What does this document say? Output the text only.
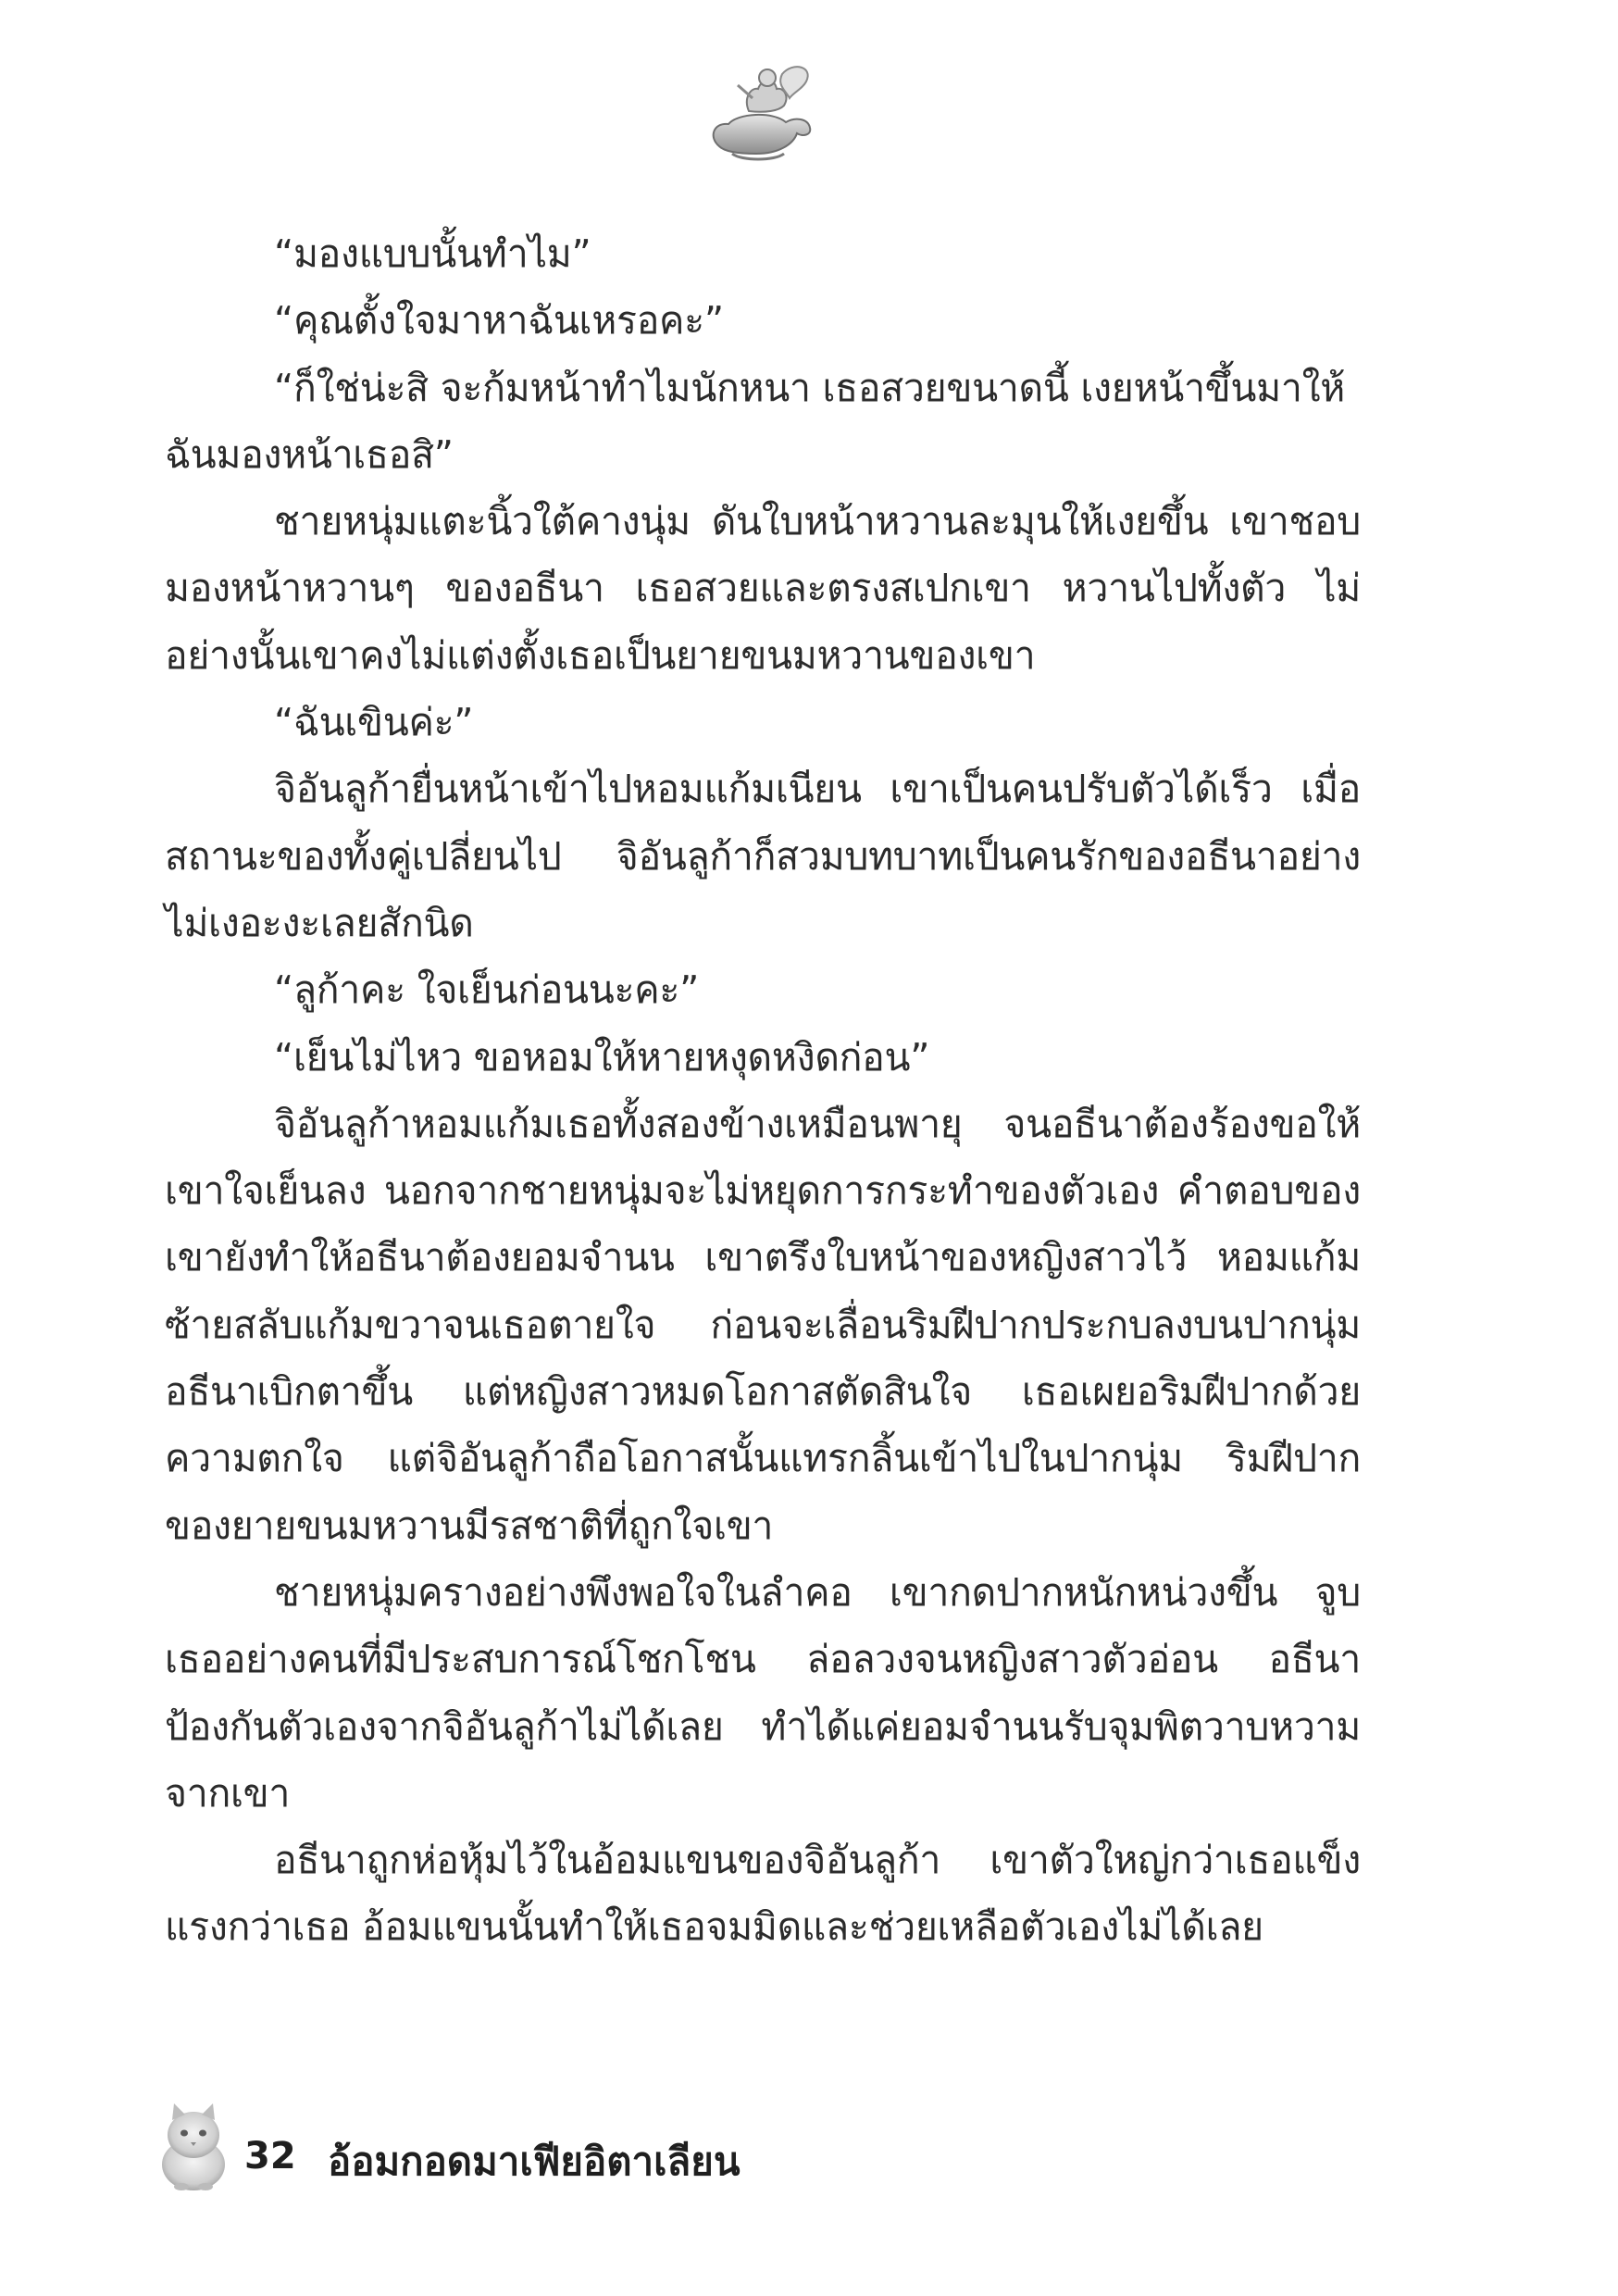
“มองแบบนั้นทำไม”

“คุณตั้งใจมาหาฉันเหรอคะ”

“ก็ใช่น่ะสิ จะก้มหน้าทำไมนักหนา เธอสวยขนาดนี้ เงยหน้าขึ้นมาให้ฉันมองหน้าเธอสิ”

ชายหนุ่มแตะนิ้วใต้คางนุ่ม ดันใบหน้าหวานละมุนให้เงยขึ้น เขาชอบมองหน้าหวานๆ ของอธีนา เธอสวยและตรงสเปกเขา หวานไปทั้งตัว ไม่อย่างนั้นเขาคงไม่แต่งตั้งเธอเป็นยายขนมหวานของเขา

“ฉันเขินค่ะ”

จิอันลูก้ายื่นหน้าเข้าไปหอมแก้มเนียน เขาเป็นคนปรับตัวได้เร็ว เมื่อสถานะของทั้งคู่เปลี่ยนไป จิอันลูก้าก็สวมบทบาทเป็นคนรักของอธีนาอย่างไม่เงอะงะเลยสักนิด

“ลูก้าคะ ใจเย็นก่อนนะคะ”

“เย็นไม่ไหว ขอหอมให้หายหงุดหงิดก่อน”

จิอันลูก้าหอมแก้มเธอทั้งสองข้างเหมือนพายุ จนอธีนาต้องร้องขอให้เขาใจเย็นลง นอกจากชายหนุ่มจะไม่หยุดการกระทำของตัวเอง คำตอบของเขายังทำให้อธีนาต้องยอมจำนน เขาตรึงใบหน้าของหญิงสาวไว้ หอมแก้มซ้ายสลับแก้มขวาจนเธอตายใจ ก่อนจะเลื่อนริมฝีปากประกบลงบนปากนุ่ม อธีนาเบิกตาขึ้น แต่หญิงสาวหมดโอกาสตัดสินใจ เธอเผยอริมฝีปากด้วยความตกใจ แต่จิอันลูก้าถือโอกาสนั้นแทรกลิ้นเข้าไปในปากนุ่ม ริมฝีปากของยายขนมหวานมีรสชาติที่ถูกใจเขา

ชายหนุ่มครางอย่างพึงพอใจในลำคอ เขากดปากหนักหน่วงขึ้น จูบเธออย่างคนที่มีประสบการณ์โชกโชน ล่อลวงจนหญิงสาวตัวอ่อน อธีนาป้องกันตัวเองจากจิอันลูก้าไม่ได้เลย ทำได้แค่ยอมจำนนรับจุมพิตวาบหวามจากเขา

อธีนาถูกห่อหุ้มไว้ในอ้อมแขนของจิอันลูก้า เขาตัวใหญ่กว่าเธอแข็งแรงกว่าเธอ อ้อมแขนนั้นทำให้เธอจมมิดและช่วยเหลือตัวเองไม่ได้เลย

32 อ้อมกอดมาเฟียอิตาเลียน
